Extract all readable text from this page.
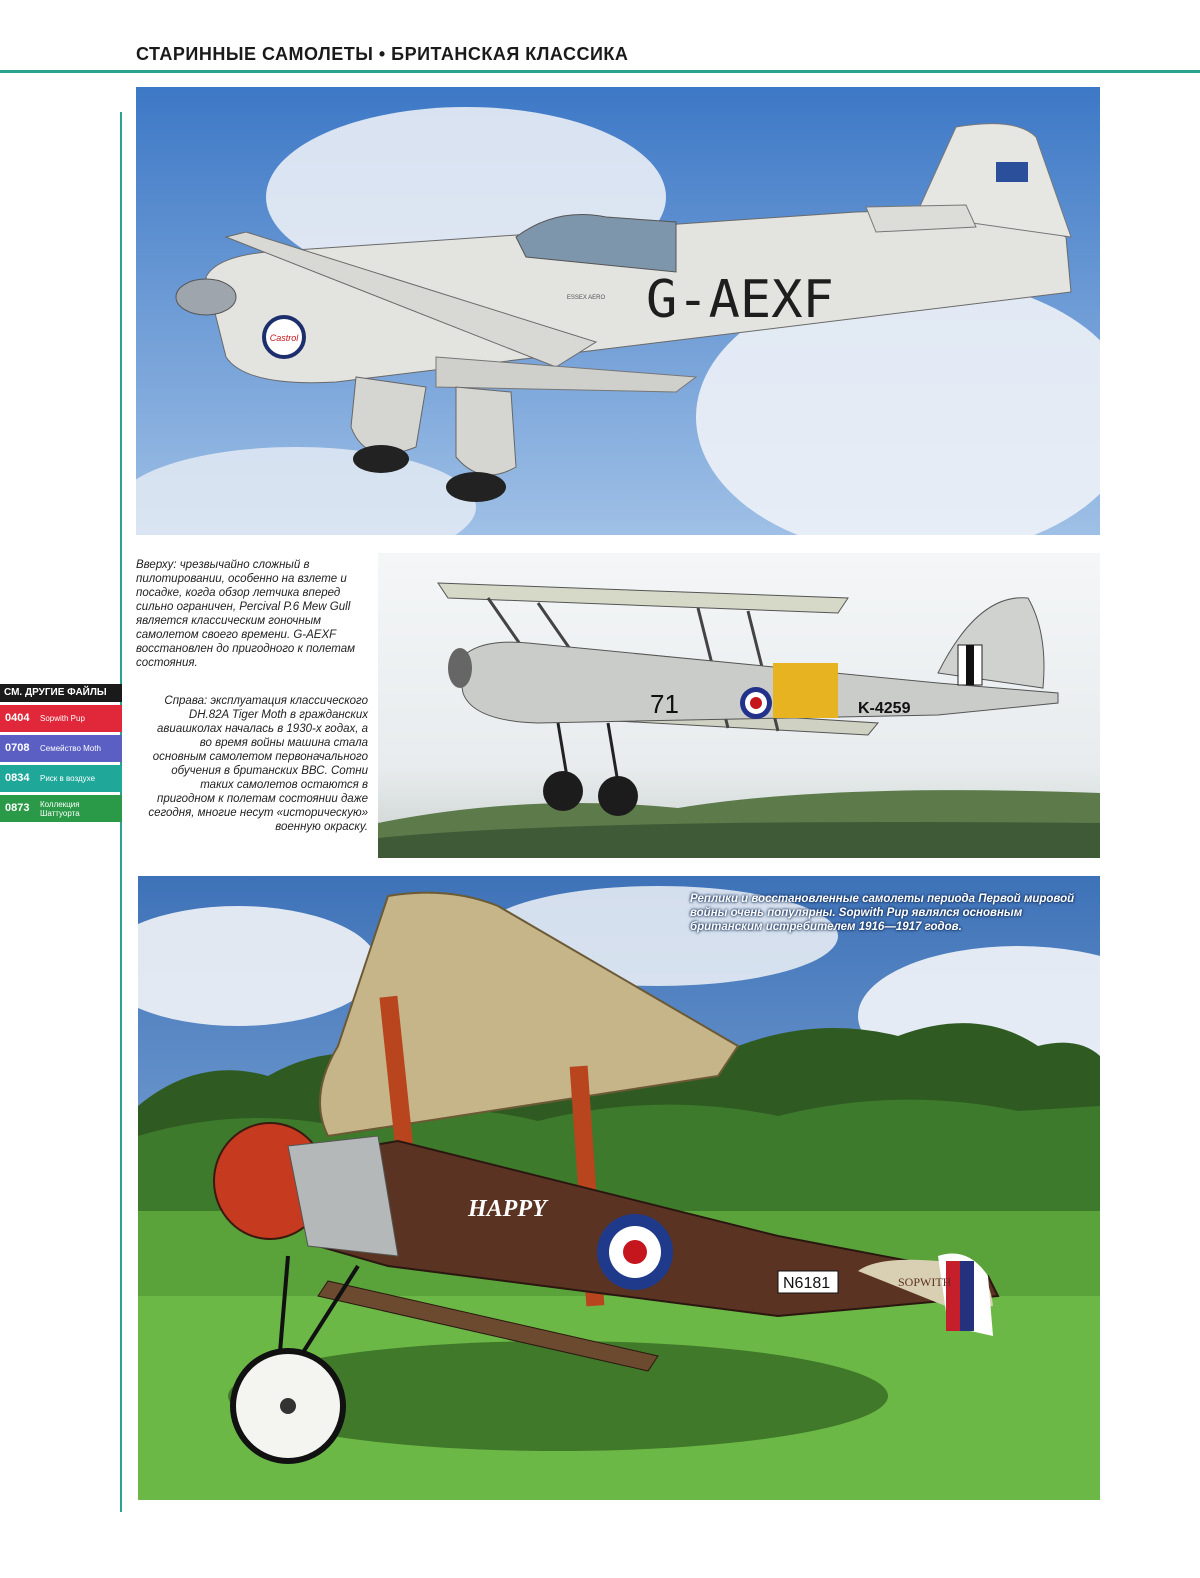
СТАРИННЫЕ САМОЛЕТЫ • БРИТАНСКАЯ КЛАССИКА
Castrol
ESSEX AERO G-AEXF
Вверху: чрезвычайно сложный в пилотировании, особенно на взлете и посадке, когда обзор летчика вперед сильно ограничен, Percival P.6 Mew Gull является классическим гоночным самолетом своего времени. G-AEXF восстановлен до пригодного к полетам состояния.
Справа: эксплуатация классического DH.82A Tiger Moth в гражданских авиашколах началась в 1930-х годах, а во время войны машина стала основным самолетом первоначального обучения в британских ВВС. Сотни таких самолетов остаются в пригодном к полетам состоянии даже сегодня, многие несут «историческую» военную окраску.
71	K-4259
SOPWITH
HAPPY
N6181
Реплики и восстановленные самолеты периода Первой мировой войны очень популярны. Sopwith Pup являлся основным британским истребителем 1916—1917 годов.
СМ. ДРУГИЕ ФАЙЛЫ
0404 Sopwith Pup
0708 Семейство Moth
0834 Риск в воздухе
0873 Коллекция Шаттуорта
